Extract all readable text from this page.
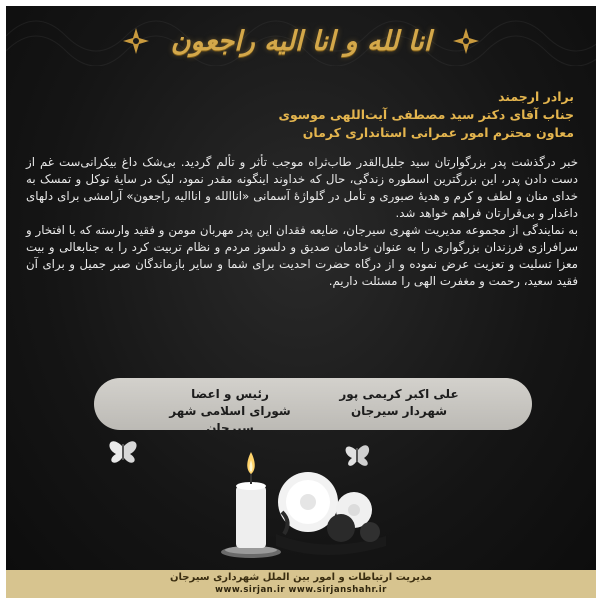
انا لله و انا الیه راجعون
برادر ارجمند
جناب آقای دکتر سید مصطفی آیت‌اللهی موسوی
معاون محترم امور عمرانی استانداری کرمان

خبر درگذشت پدر بزرگوارتان سید جلیل‌القدر طاب‌ثراه موجب تأثر و تألم گردید. بی‌شک داغ بیکرانی‌ست غم از دست دادن پدر، این بزرگترین اسطوره زندگی، حال که خداوند اینگونه مقدر نمود، لیک در سایهٔ توکل و تمسک به خدای منان و لطف و کرم و هدیهٔ صبوری و تأمل در گلواژهٔ آسمانی «اناالله و انااليه راجعون» آرامشی برای دلهای داغدار و بی‌قرارتان فراهم خواهد شد.

به نمایندگی از مجموعه مدیریت شهری سیرجان، ضایعه فقدان این پدر مهربان مومن و فقید وارسته که با افتخار و سرافرازی فرزندان بزرگواری را به عنوان خادمان صدیق و دلسوز مردم و نظام تربیت کرد را به جنابعالی و بیت معزا تسلیت و تعزیت عرض نموده و از درگاه حضرت احدیت برای شما و سایر بازماندگان صبر جمیل و برای آن فقید سعید، رحمت و مغفرت الهی را مسئلت داریم.

علی اکبر کریمی پور
شهردار سیرجان
رئیس و اعضا
شورای اسلامی شهر سیرجان
مدیریت ارتباطات و امور بین الملل شهرداری سیرجان
www.sirjan.ir www.sirjanshahr.ir
